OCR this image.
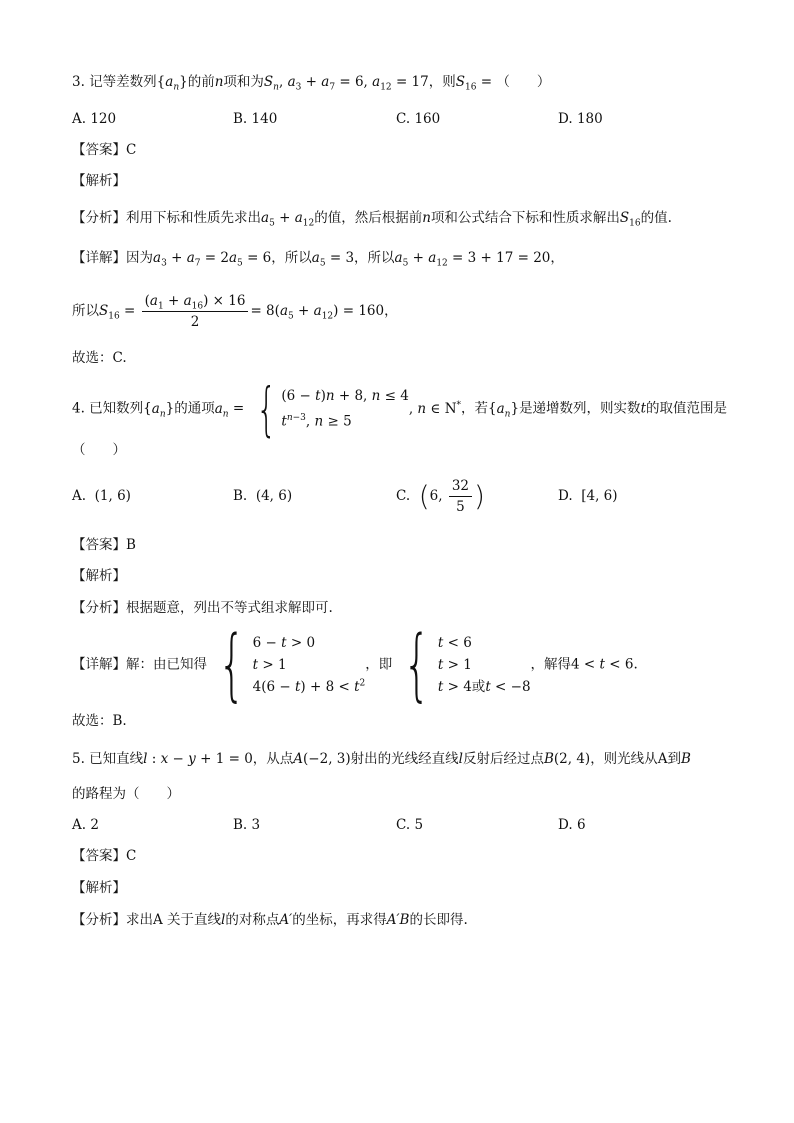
3. 记等差数列$\{a_n\}$的前n项和为$S_n$, $a_3 + a_7 = 6$, $a_{12} = 17$，则$S_{16}$ = （　　）
A. 120	B. 140	C. 160	D. 180
【答案】C
【解析】
【分析】利用下标和性质先求出$a_5 + a_{12}$的值，然后根据前n项和公式结合下标和性质求解出$S_{16}$的值.
【详解】因为$a_3 + a_7 = 2a_5 = 6$，所以$a_5 = 3$，所以$a_5 + a_{12} = 3 + 17 = 20$，
所以$S_{16} = \frac{(a_1 + a_{16}) \times 16}{2} = 8(a_5 + a_{12}) = 160$，
故选：C.
4. 已知数列$\{a_n\}$的通项$a_n$ = { (6 − t)n + 8, n ≤ 4
$t^{n-3}$, n ≥ 5
, n ∈ N*，若$\{a_n\}$是递增数列，则实数t的取值范围是
（　　）
A. (1, 6)	B. (4, 6)	C. (6, $\frac{32}{5}$ )	D. [4, 6)
【答案】B
【解析】
【分析】根据题意，列出不等式组求解即可.
【详解】解：由已知得 { 6 − t > 0
t > 1
$4(6 - t) + 8 < t^2$
，即 { t < 6
t > 1
t > 4或t < −8
，解得4 < t < 6.
故选：B.
5. 已知直线l : x − y + 1 = 0，从点A(−2, 3)射出的光线经直线l反射后经过点B(2, 4)，则光线从A到B
的路程为（　　）
A. 2	B. 3	C. 5	D. 6
【答案】C
【解析】
【分析】求出A 关于直线l的对称点A′的坐标，再求得A′B的长即得.
